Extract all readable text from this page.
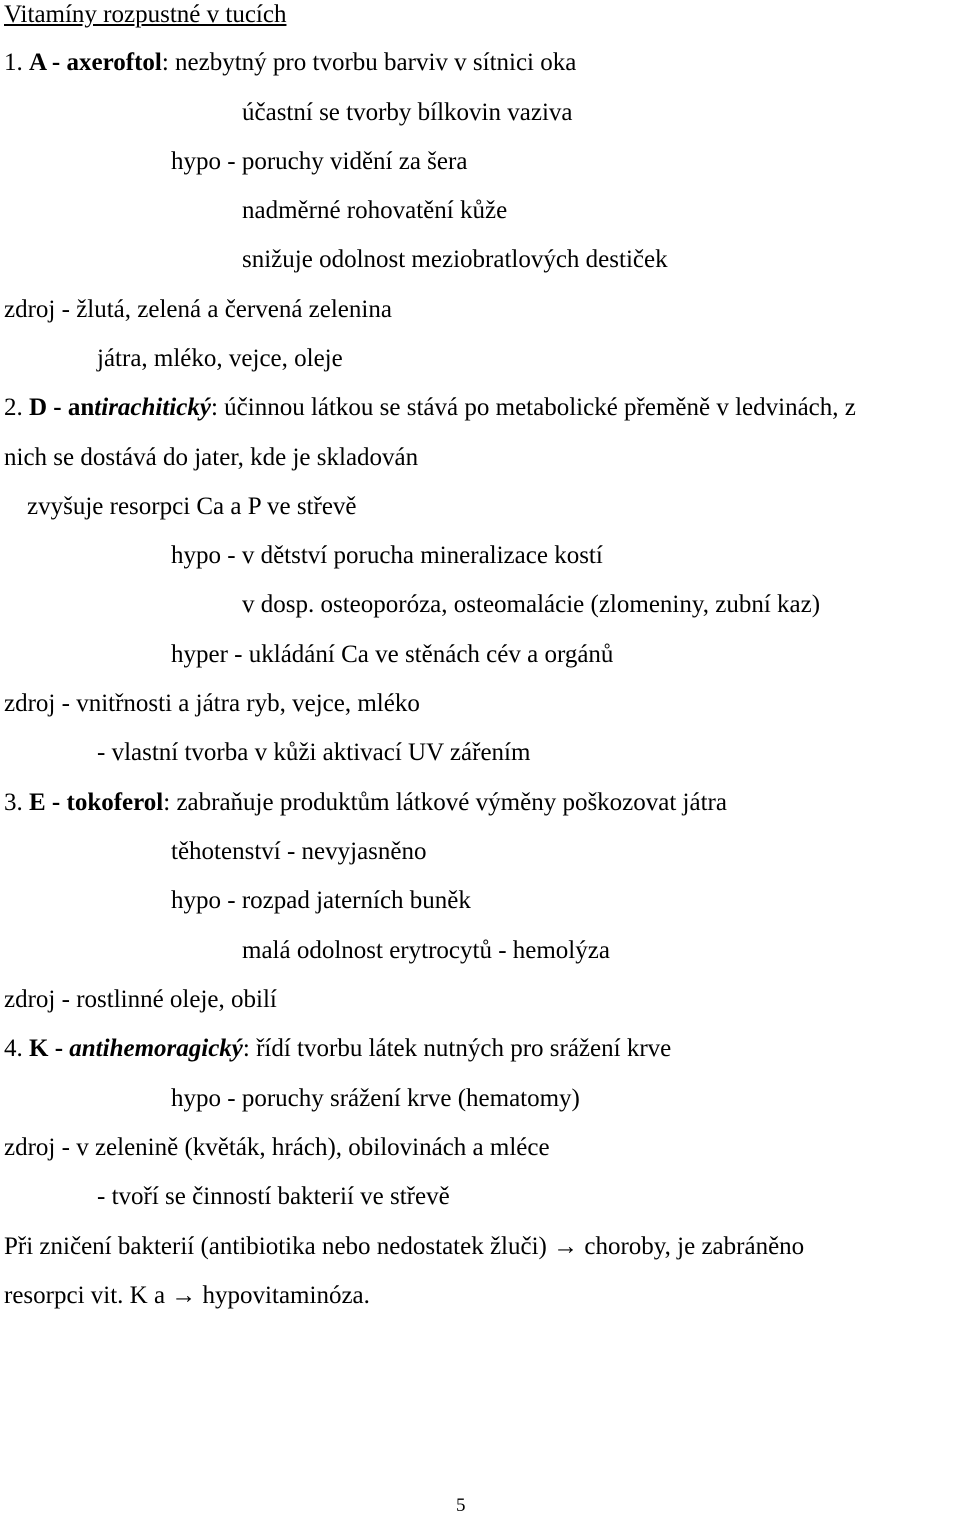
Vitamíny rozpustné v tucích
1. A - axeroftol: nezbytný pro tvorbu barviv v sítnici oka
účastní se tvorby bílkovin vaziva
hypo - poruchy vidění za šera
nadměrné rohovatění kůže
snižuje odolnost meziobratlových destiček
zdroj - žlutá, zelená a červená zelenina
játra, mléko, vejce, oleje
2. D - antirachitický: účinnou látkou se stává po metabolické přeměně v ledvinách, z
nich se dostává do jater, kde je skladován
zvyšuje resorpci Ca a P ve střevě
hypo - v dětství porucha mineralizace kostí
v dosp. osteoporóza, osteomalácie (zlomeniny, zubní kaz)
hyper - ukládání Ca ve stěnách cév a orgánů
zdroj - vnitřnosti a játra ryb, vejce, mléko
- vlastní tvorba v kůži aktivací UV zářením
3. E - tokoferol: zabraňuje produktům látkové výměny poškozovat játra
těhotenství - nevyjasněno
hypo - rozpad jaterních buněk
malá odolnost erytrocytů - hemolýza
zdroj - rostlinné oleje, obilí
4. K - antihemoragický: řídí tvorbu látek nutných pro srážení krve
hypo - poruchy srážení krve (hematomy)
zdroj - v zelenině (květák, hrách), obilovinách a mléce
- tvoří se činností bakterií ve střevě
Při zničení bakterií (antibiotika nebo nedostatek žluči) → choroby, je zabráněno
resorpci vit. K a → hypovitaminóza.
5
